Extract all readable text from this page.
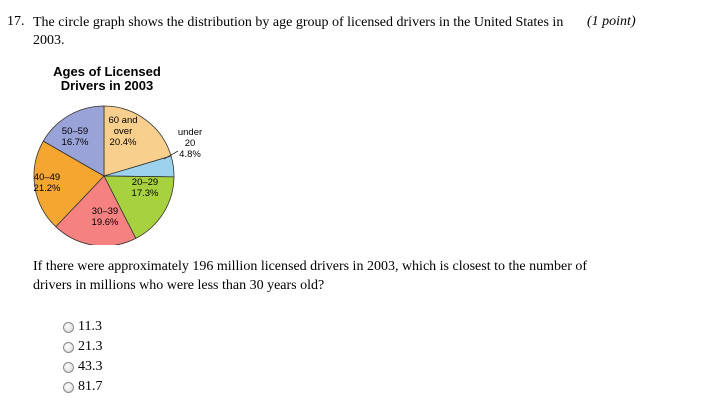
17. The circle graph shows the distribution by age group of licensed drivers in the United States in 2003.
(1 point)
Ages of Licensed
Drivers in 2003
60 and over 20.4%
under 20 4.8%
20–29 17.3%
30–39 19.6%
40–49 21.2%
50–59 16.7%
If there were approximately 196 million licensed drivers in 2003, which is closest to the number of drivers in millions who were less than 30 years old?
11.3
21.3
43.3
81.7
